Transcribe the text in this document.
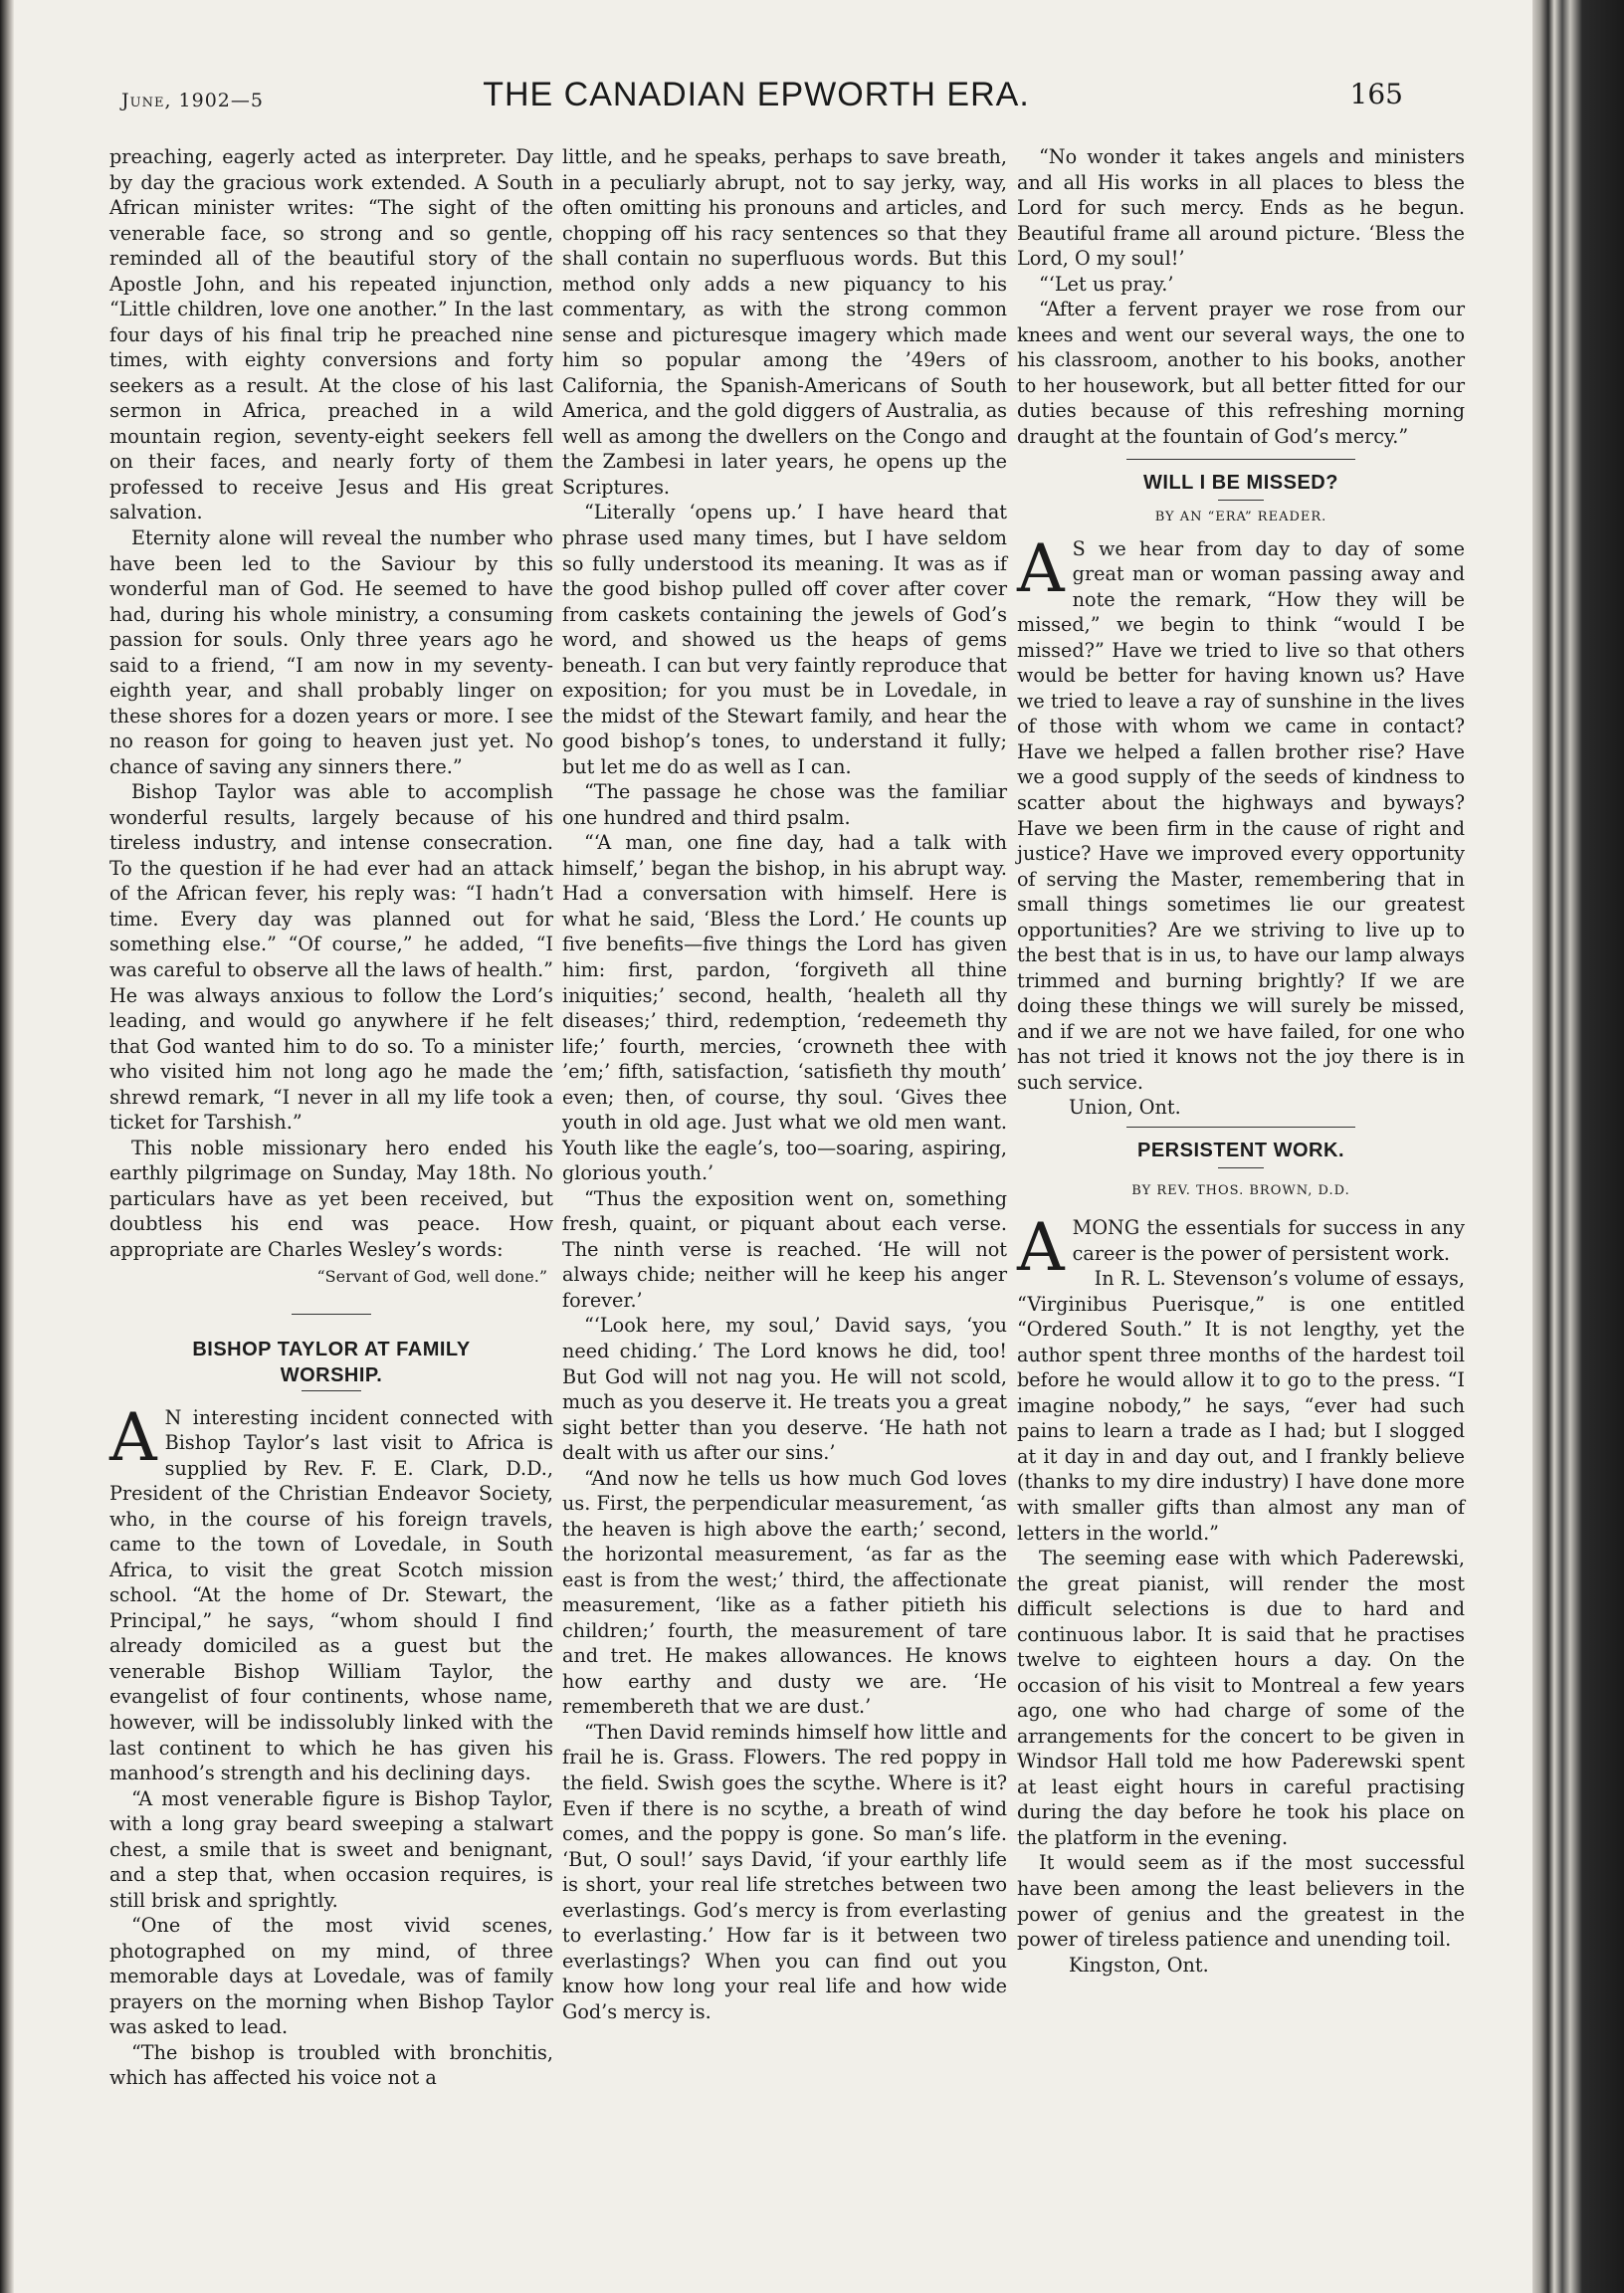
June, 1902—5	THE CANADIAN EPWORTH ERA.	165

preaching, eagerly acted as interpreter. Day by day the gracious work extended. A South African minister writes: “The sight of the venerable face, so strong and so gentle, reminded all of the beautiful story of the Apostle John, and his repeated injunction, “Little children, love one another.” In the last four days of his final trip he preached nine times, with eighty conversions and forty seekers as a result. At the close of his last sermon in Africa, preached in a wild mountain region, seventy-eight seekers fell on their faces, and nearly forty of them professed to receive Jesus and His great salvation.

Eternity alone will reveal the number who have been led to the Saviour by this wonderful man of God. He seemed to have had, during his whole ministry, a consuming passion for souls. Only three years ago he said to a friend, “I am now in my seventy-eighth year, and shall probably linger on these shores for a dozen years or more. I see no reason for going to heaven just yet. No chance of saving any sinners there.”

Bishop Taylor was able to accomplish wonderful results, largely because of his tireless industry, and intense consecration. To the question if he had ever had an attack of the African fever, his reply was: “I hadn’t time. Every day was planned out for something else.” “Of course,” he added, “I was careful to observe all the laws of health.” He was always anxious to follow the Lord’s leading, and would go anywhere if he felt that God wanted him to do so. To a minister who visited him not long ago he made the shrewd remark, “I never in all my life took a ticket for Tarshish.”

This noble missionary hero ended his earthly pilgrimage on Sunday, May 18th. No particulars have as yet been received, but doubtless his end was peace. How appropriate are Charles Wesley’s words:

“Servant of God, well done.”
BISHOP TAYLOR AT FAMILY
WORSHIP.

A N interesting incident connected with Bishop Taylor’s last visit to Africa is supplied by Rev. F. E. Clark, D.D., President of the Christian Endeavor Society, who, in the course of his foreign travels, came to the town of Lovedale, in South Africa, to visit the great Scotch mission school. “At the home of Dr. Stewart, the Principal,” he says, “whom should I find already domiciled as a guest but the venerable Bishop William Taylor, the evangelist of four continents, whose name, however, will be indissolubly linked with the last continent to which he has given his manhood’s strength and his declining days.

“A most venerable figure is Bishop Taylor, with a long gray beard sweeping a stalwart chest, a smile that is sweet and benignant, and a step that, when occasion requires, is still brisk and sprightly.

“One of the most vivid scenes, photographed on my mind, of three memorable days at Lovedale, was of family prayers on the morning when Bishop Taylor was asked to lead.

“The bishop is troubled with bronchitis, which has affected his voice not a

little, and he speaks, perhaps to save breath, in a peculiarly abrupt, not to say jerky, way, often omitting his pronouns and articles, and chopping off his racy sentences so that they shall contain no superfluous words. But this method only adds a new piquancy to his commentary, as with the strong common sense and picturesque imagery which made him so popular among the ’49ers of California, the Spanish-Americans of South America, and the gold diggers of Australia, as well as among the dwellers on the Congo and the Zambesi in later years, he opens up the Scriptures.

“Literally ‘opens up.’ I have heard that phrase used many times, but I have seldom so fully understood its meaning. It was as if the good bishop pulled off cover after cover from caskets containing the jewels of God’s word, and showed us the heaps of gems beneath. I can but very faintly reproduce that exposition; for you must be in Lovedale, in the midst of the Stewart family, and hear the good bishop’s tones, to understand it fully; but let me do as well as I can.

“The passage he chose was the familiar one hundred and third psalm.

“‘A man, one fine day, had a talk with himself,’ began the bishop, in his abrupt way. Had a conversation with himself. Here is what he said, ‘Bless the Lord.’ He counts up five benefits—five things the Lord has given him: first, pardon, ‘forgiveth all thine iniquities;’ second, health, ‘healeth all thy diseases;’ third, redemption, ‘redeemeth thy life;’ fourth, mercies, ‘crowneth thee with ’em;’ fifth, satisfaction, ‘satisfieth thy mouth’ even; then, of course, thy soul. ‘Gives thee youth in old age. Just what we old men want. Youth like the eagle’s, too—soaring, aspiring, glorious youth.’

“Thus the exposition went on, something fresh, quaint, or piquant about each verse. The ninth verse is reached. ‘He will not always chide; neither will he keep his anger forever.’

“‘Look here, my soul,’ David says, ‘you need chiding.’ The Lord knows he did, too! But God will not nag you. He will not scold, much as you deserve it. He treats you a great sight better than you deserve. ‘He hath not dealt with us after our sins.’

“And now he tells us how much God loves us. First, the perpendicular measurement, ‘as the heaven is high above the earth;’ second, the horizontal measurement, ‘as far as the east is from the west;’ third, the affectionate measurement, ‘like as a father pitieth his children;’ fourth, the measurement of tare and tret. He makes allowances. He knows how earthy and dusty we are. ‘He remembereth that we are dust.’

“Then David reminds himself how little and frail he is. Grass. Flowers. The red poppy in the field. Swish goes the scythe. Where is it? Even if there is no scythe, a breath of wind comes, and the poppy is gone. So man’s life. ‘But, O soul!’ says David, ‘if your earthly life is short, your real life stretches between two everlastings. God’s mercy is from everlasting to everlasting.’ How far is it between two everlastings? When you can find out you know how long your real life and how wide God’s mercy is.

“No wonder it takes angels and ministers and all His works in all places to bless the Lord for such mercy. Ends as he begun. Beautiful frame all around picture. ‘Bless the Lord, O my soul!’

“‘Let us pray.’

“After a fervent prayer we rose from our knees and went our several ways, the one to his classroom, another to his books, another to her housework, but all better fitted for our duties because of this refreshing morning draught at the fountain of God’s mercy.”

WILL I BE MISSED?
BY AN “ERA” READER.

A S we hear from day to day of some great man or woman passing away and note the remark, “How they will be missed,” we begin to think “would I be missed?” Have we tried to live so that others would be better for having known us? Have we tried to leave a ray of sunshine in the lives of those with whom we came in contact? Have we helped a fallen brother rise? Have we a good supply of the seeds of kindness to scatter about the highways and byways? Have we been firm in the cause of right and justice? Have we improved every opportunity of serving the Master, remembering that in small things sometimes lie our greatest opportunities? Are we striving to live up to the best that is in us, to have our lamp always trimmed and burning brightly? If we are doing these things we will surely be missed, and if we are not we have failed, for one who has not tried it knows not the joy there is in such service.

Union, Ont.

PERSISTENT WORK.
BY REV. THOS. BROWN, D.D.

A MONG the essentials for success in any career is the power of persistent work.

In R. L. Stevenson’s volume of essays, “Virginibus Puerisque,” is one entitled “Ordered South.” It is not lengthy, yet the author spent three months of the hardest toil before he would allow it to go to the press. “I imagine nobody,” he says, “ever had such pains to learn a trade as I had; but I slogged at it day in and day out, and I frankly believe (thanks to my dire industry) I have done more with smaller gifts than almost any man of letters in the world.”

The seeming ease with which Paderewski, the great pianist, will render the most difficult selections is due to hard and continuous labor. It is said that he practises twelve to eighteen hours a day. On the occasion of his visit to Montreal a few years ago, one who had charge of some of the arrangements for the concert to be given in Windsor Hall told me how Paderewski spent at least eight hours in careful practising during the day before he took his place on the platform in the evening.

It would seem as if the most successful have been among the least believers in the power of genius and the greatest in the power of tireless patience and unending toil.

Kingston, Ont.
